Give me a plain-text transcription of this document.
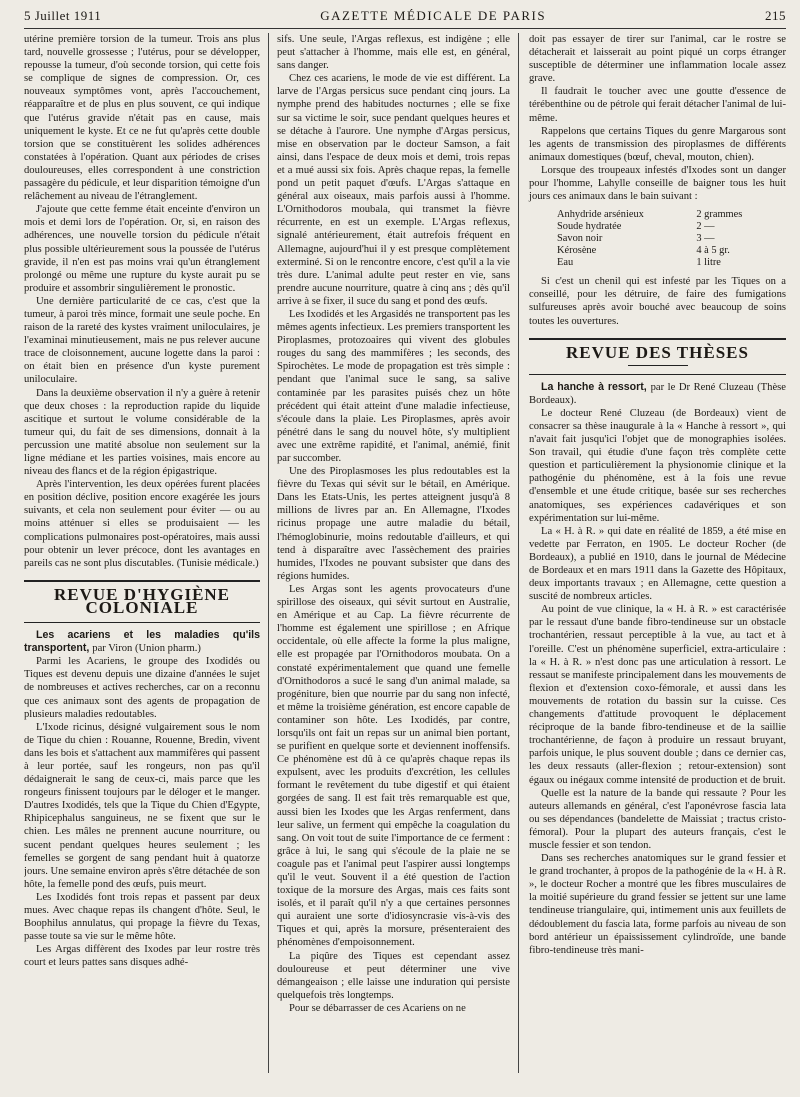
5 Juillet 1911	GAZETTE MÉDICALE DE PARIS	215

utérine première torsion de la tumeur. Trois ans plus tard, nouvelle grossesse ; l'utérus, pour se développer, repousse la tumeur, d'où seconde torsion, qui cette fois se complique de signes de compression. Or, ces nouveaux symptômes vont, après l'accouchement, réapparaître et de plus en plus souvent, ce qui indique que l'utérus gravide n'était pas en cause, mais uniquement le kyste. Et ce ne fut qu'après cette double torsion que se constituèrent les solides adhérences constatées à l'opération. Quant aux périodes de crises douloureuses, elles correspondent à une constriction passagère du pédicule, et leur disparition témoigne d'un relâchement au niveau de l'étranglement.

J'ajoute que cette femme était enceinte d'environ un mois et demi lors de l'opération. Or, si, en raison des adhérences, une nouvelle torsion du pédicule n'était plus possible ultérieurement sous la poussée de l'utérus gravide, il n'en est pas moins vrai qu'un étranglement prolongé ou même une rupture du kyste aurait pu se produire et assombrir singulièrement le pronostic.

Une dernière particularité de ce cas, c'est que la tumeur, à paroi très mince, formait une seule poche. En raison de la rareté des kystes vraiment uniloculaires, je l'examinai minutieusement, mais ne pus relever aucune trace de cloisonnement, aucune logette dans la paroi : on était bien en présence d'un kyste purement uniloculaire.

Dans la deuxième observation il n'y a guère à retenir que deux choses : la reproduction rapide du liquide ascitique et surtout le volume considérable de la tumeur qui, du fait de ses dimensions, donnait à la percussion une matité absolue non seulement sur la ligne médiane et les parties voisines, mais encore au niveau des flancs et de la région épigastrique.

Après l'intervention, les deux opérées furent placées en position déclive, position encore exagérée les jours suivants, et cela non seulement pour éviter — ou au moins atténuer si elles se produisaient — les complications pulmonaires post-opératoires, mais aussi pour obtenir un lever précoce, dont les avantages en pareils cas ne sont plus discutables. (Tunisie médicale.)

REVUE D'HYGIÈNE COLONIALE

Les acariens et les maladies qu'ils transportent, par Viron (Union pharm.)

Parmi les Acariens, le groupe des Ixodidés ou Tiques est devenu depuis une dizaine d'années le sujet de nombreuses et actives recherches, car on a reconnu que ces animaux sont des agents de propagation de plusieurs maladies redoutables.

L'Ixode ricinus, désigné vulgairement sous le nom de Tique du chien : Rouanne, Rouenne, Bredin, vivent dans les bois et s'attachent aux mammifères qui passent à leur portée, sauf les rongeurs, non pas qu'il dédaignerait le sang de ceux-ci, mais parce que les rongeurs finissent toujours par le déloger et le manger. D'autres Ixodidés, tels que la Tique du Chien d'Egypte, Rhipicephalus sanguineus, ne se fixent que sur le chien. Les mâles ne prennent aucune nourriture, ou sucent pendant quelques heures seulement ; les femelles se gorgent de sang pendant huit à quatorze jours. Une semaine environ après s'être détachée de son hôte, la femelle pond des œufs, puis meurt.

Les Ixodidés font trois repas et passent par deux mues. Avec chaque repas ils changent d'hôte. Seul, le Boophilus annulatus, qui propage la fièvre du Texas, passe toute sa vie sur le même hôte.

Les Argas diffèrent des Ixodes par leur rostre très court et leurs pattes sans disques adhé-

sifs. Une seule, l'Argas reflexus, est indigène ; elle peut s'attacher à l'homme, mais elle est, en général, sans danger.

Chez ces acariens, le mode de vie est différent. La larve de l'Argas persicus suce pendant cinq jours. La nymphe prend des habitudes nocturnes ; elle se fixe sur sa victime le soir, suce pendant quelques heures et se détache à l'aurore. Une nymphe d'Argas persicus, mise en observation par le docteur Samson, a fait ainsi, dans l'espace de deux mois et demi, trois repas et a mué aussi six fois. Après chaque repas, la femelle pond un petit paquet d'œufs. L'Argas s'attaque en général aux oiseaux, mais parfois aussi à l'homme. L'Ornithodoros moubala, qui transmet la fièvre récurrente, en est un exemple. L'Argas reflexus, signalé antérieurement, était autrefois fréquent en Allemagne, aujourd'hui il y est presque complètement exterminé. Si on le rencontre encore, c'est qu'il a la vie très dure. L'animal adulte peut rester en vie, sans prendre aucune nourriture, quatre à cinq ans ; dès qu'il arrive à se fixer, il suce du sang et pond des œufs.

Les Ixodidés et les Argasidés ne transportent pas les mêmes agents infectieux. Les premiers transportent les Piroplasmes, protozoaires qui vivent des globules rouges du sang des mammifères ; les seconds, des Spirochètes. Le mode de propagation est très simple : pendant que l'animal suce le sang, sa salive contaminée par les parasites puisés chez un hôte précédent qui était atteint d'une maladie infectieuse, s'écoule dans la plaie. Les Piroplasmes, après avoir pénétré dans le sang du nouvel hôte, s'y multiplient avec une extrême rapidité, et l'animal, anémié, finit par succomber.

Une des Piroplasmoses les plus redoutables est la fièvre du Texas qui sévit sur le bétail, en Amérique. Dans les Etats-Unis, les pertes atteignent jusqu'à 8 millions de livres par an. En Allemagne, l'Ixodes ricinus propage une autre maladie du bétail, l'hémoglobinurie, moins redoutable d'ailleurs, et qui tend à disparaître avec l'assèchement des prairies humides, l'Ixodes ne pouvant subsister que dans des régions humides.

Les Argas sont les agents provocateurs d'une spirillose des oiseaux, qui sévit surtout en Australie, en Amérique et au Cap. La fièvre récurrente de l'homme est également une spirillose ; en Afrique occidentale, où elle affecte la forme la plus maligne, elle est propagée par l'Ornithodoros moubata. On a constaté expérimentalement que quand une femelle d'Ornithodoros a sucé le sang d'un animal malade, sa progéniture, bien que nourrie par du sang non infecté, et même la troisième génération, est encore capable de contaminer son hôte. Les Ixodidés, par contre, lorsqu'ils ont fait un repas sur un animal bien portant, se purifient en quelque sorte et deviennent inoffensifs. Ce phénomène est dû à ce qu'après chaque repas ils expulsent, avec les produits d'excrétion, les cellules formant le revêtement du tube digestif et qui étaient gorgées de sang. Il est fait très remarquable est que, aussi bien les Ixodes que les Argas renferment, dans leur salive, un ferment qui empêche la coagulation du sang. On voit tout de suite l'importance de ce ferment : grâce à lui, le sang qui s'écoule de la plaie ne se coagule pas et l'animal peut l'aspirer aussi longtemps qu'il le veut. Souvent il a été question de l'action toxique de la morsure des Argas, mais ces faits sont isolés, et il paraît qu'il n'y a que certaines personnes qui auraient une sorte d'idiosyncrasie vis-à-vis des Tiques et qui, après la morsure, présenteraient des phénomènes d'empoisonnement.

La piqûre des Tiques est cependant assez douloureuse et peut déterminer une vive démangeaison ; elle laisse une induration qui persiste quelquefois très longtemps.

Pour se débarrasser de ces Acariens on ne

doit pas essayer de tirer sur l'animal, car le rostre se détacherait et laisserait au point piqué un corps étranger susceptible de déterminer une inflammation locale assez grave.

Il faudrait le toucher avec une goutte d'essence de térébenthine ou de pétrole qui ferait détacher l'animal de lui-même.

Rappelons que certains Tiques du genre Margarous sont les agents de transmission des piroplasmes de différents animaux domestiques (bœuf, cheval, mouton, chien).

Lorsque des troupeaux infestés d'Ixodes sont un danger pour l'homme, Lahylle conseille de baigner tous les huit jours ces animaux dans le bain suivant :

Anhydride arsénieux	2 grammes
Soude hydratée	2 —
Savon noir	3 —
Kérosène	4 à 5 gr.
Eau	1 litre

Si c'est un chenil qui est infesté par les Tiques on a conseillé, pour les détruire, de faire des fumigations sulfureuses après avoir bouché avec beaucoup de soins toutes les ouvertures.

REVUE DES THÈSES

La hanche à ressort, par le Dr René Cluzeau (Thèse Bordeaux).

Le docteur René Cluzeau (de Bordeaux) vient de consacrer sa thèse inaugurale à la « Hanche à ressort », qui n'avait fait jusqu'ici l'objet que de monographies isolées. Son travail, qui étudie d'une façon très complète cette question et particulièrement la physionomie clinique et la pathogénie du phénomène, est à la fois une revue d'ensemble et une étude critique, basée sur ses recherches anatomiques, ses expériences cadavériques et son expérimentation sur lui-même.

La « H. à R. » qui date en réalité de 1859, a été mise en vedette par Ferraton, en 1905. Le docteur Rocher (de Bordeaux), a publié en 1910, dans le journal de Médecine de Bordeaux et en mars 1911 dans la Gazette des Hôpitaux, deux importants travaux ; en Allemagne, cette question a suscité de nombreux articles.

Au point de vue clinique, la « H. à R. » est caractérisée par le ressaut d'une bande fibro-tendineuse sur un obstacle trochantérien, ressaut perceptible à la vue, au tact et à l'oreille. C'est un phénomène superficiel, extra-articulaire : la « H. à R. » n'est donc pas une articulation à ressort. Le ressaut se manifeste principalement dans les mouvements de flexion et d'extension coxo-fémorale, et aussi dans les mouvements de rotation du bassin sur la cuisse. Ces changements d'attitude provoquent le déplacement réciproque de la bande fibro-tendineuse et de la saillie trochantérienne, de façon à produire un ressaut bruyant, parfois unique, le plus souvent double ; dans ce dernier cas, les deux ressauts (aller-flexion ; retour-extension) sont égaux ou inégaux comme intensité de production et de bruit.

Quelle est la nature de la bande qui ressaute ? Pour les auteurs allemands en général, c'est l'aponévrose fascia lata ou ses dépendances (bandelette de Maissiat ; tractus cristo-fémoral). Pour la plupart des auteurs français, c'est le muscle fessier et son tendon.

Dans ses recherches anatomiques sur le grand fessier et le grand trochanter, à propos de la pathogénie de la « H. à R. », le docteur Rocher a montré que les fibres musculaires de la moitié supérieure du grand fessier se jettent sur une lame tendineuse triangulaire, qui, intimement unis aux feuillets de dédoublement du fascia lata, forme parfois au niveau de son bord antérieur un épaississement cylindroïde, une bande fibro-tendineuse très mani-
